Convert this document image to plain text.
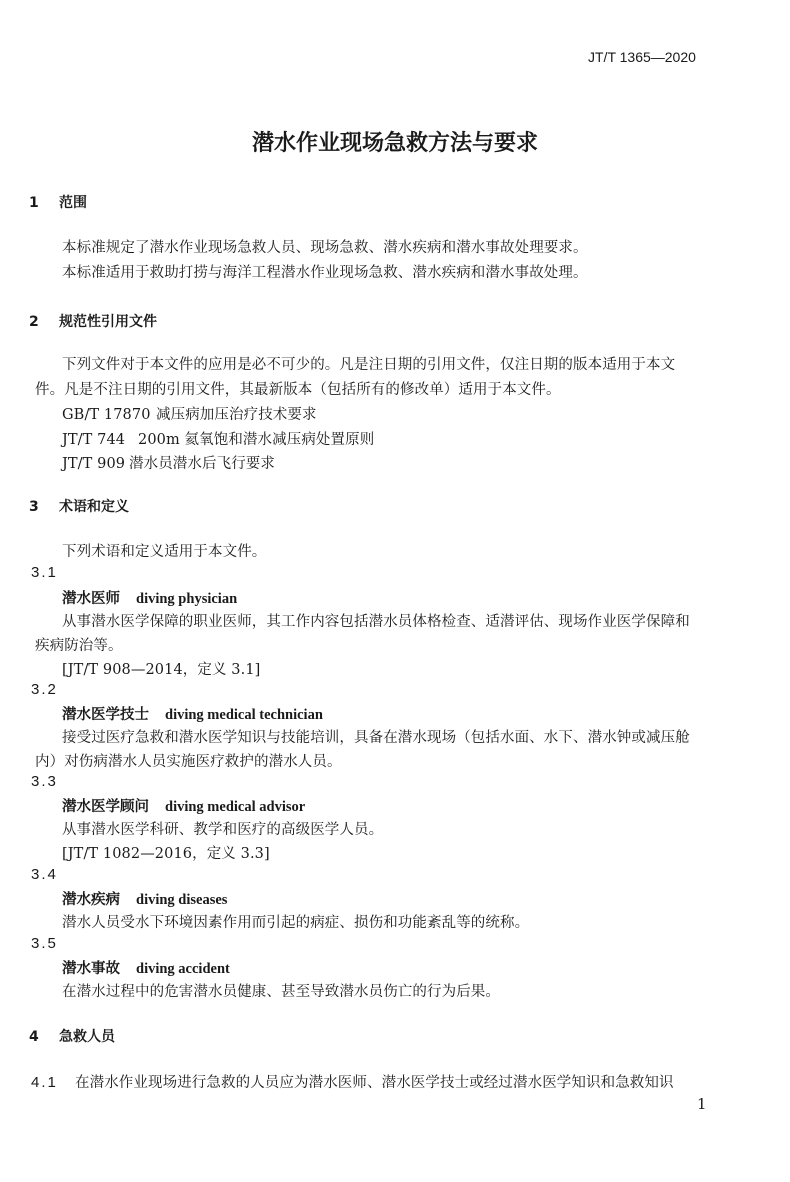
JT/T 1365—2020
潜水作业现场急救方法与要求
1 范围
本标准规定了潜水作业现场急救人员、现场急救、潜水疾病和潜水事故处理要求。
本标准适用于救助打捞与海洋工程潜水作业现场急救、潜水疾病和潜水事故处理。
2 规范性引用文件
下列文件对于本文件的应用是必不可少的。凡是注日期的引用文件，仅注日期的版本适用于本文
件。凡是不注日期的引用文件，其最新版本（包括所有的修改单）适用于本文件。
GB/T 17870 减压病加压治疗技术要求
JT/T 744 200m 氦氧饱和潜水减压病处置原则
JT/T 909 潜水员潜水后飞行要求
3 术语和定义
下列术语和定义适用于本文件。
3.1
潜水医师 diving physician
从事潜水医学保障的职业医师，其工作内容包括潜水员体格检查、适潜评估、现场作业医学保障和
疾病防治等。
[JT/T 908—2014，定义 3.1]
3.2
潜水医学技士 diving medical technician
接受过医疗急救和潜水医学知识与技能培训，具备在潜水现场（包括水面、水下、潜水钟或减压舱
内）对伤病潜水人员实施医疗救护的潜水人员。
3.3
潜水医学顾问 diving medical advisor
从事潜水医学科研、教学和医疗的高级医学人员。
[JT/T 1082—2016，定义 3.3]
3.4
潜水疾病 diving diseases
潜水人员受水下环境因素作用而引起的病症、损伤和功能紊乱等的统称。
3.5
潜水事故 diving accident
在潜水过程中的危害潜水员健康、甚至导致潜水员伤亡的行为后果。
4 急救人员
4.1 在潜水作业现场进行急救的人员应为潜水医师、潜水医学技士或经过潜水医学知识和急救知识
1
